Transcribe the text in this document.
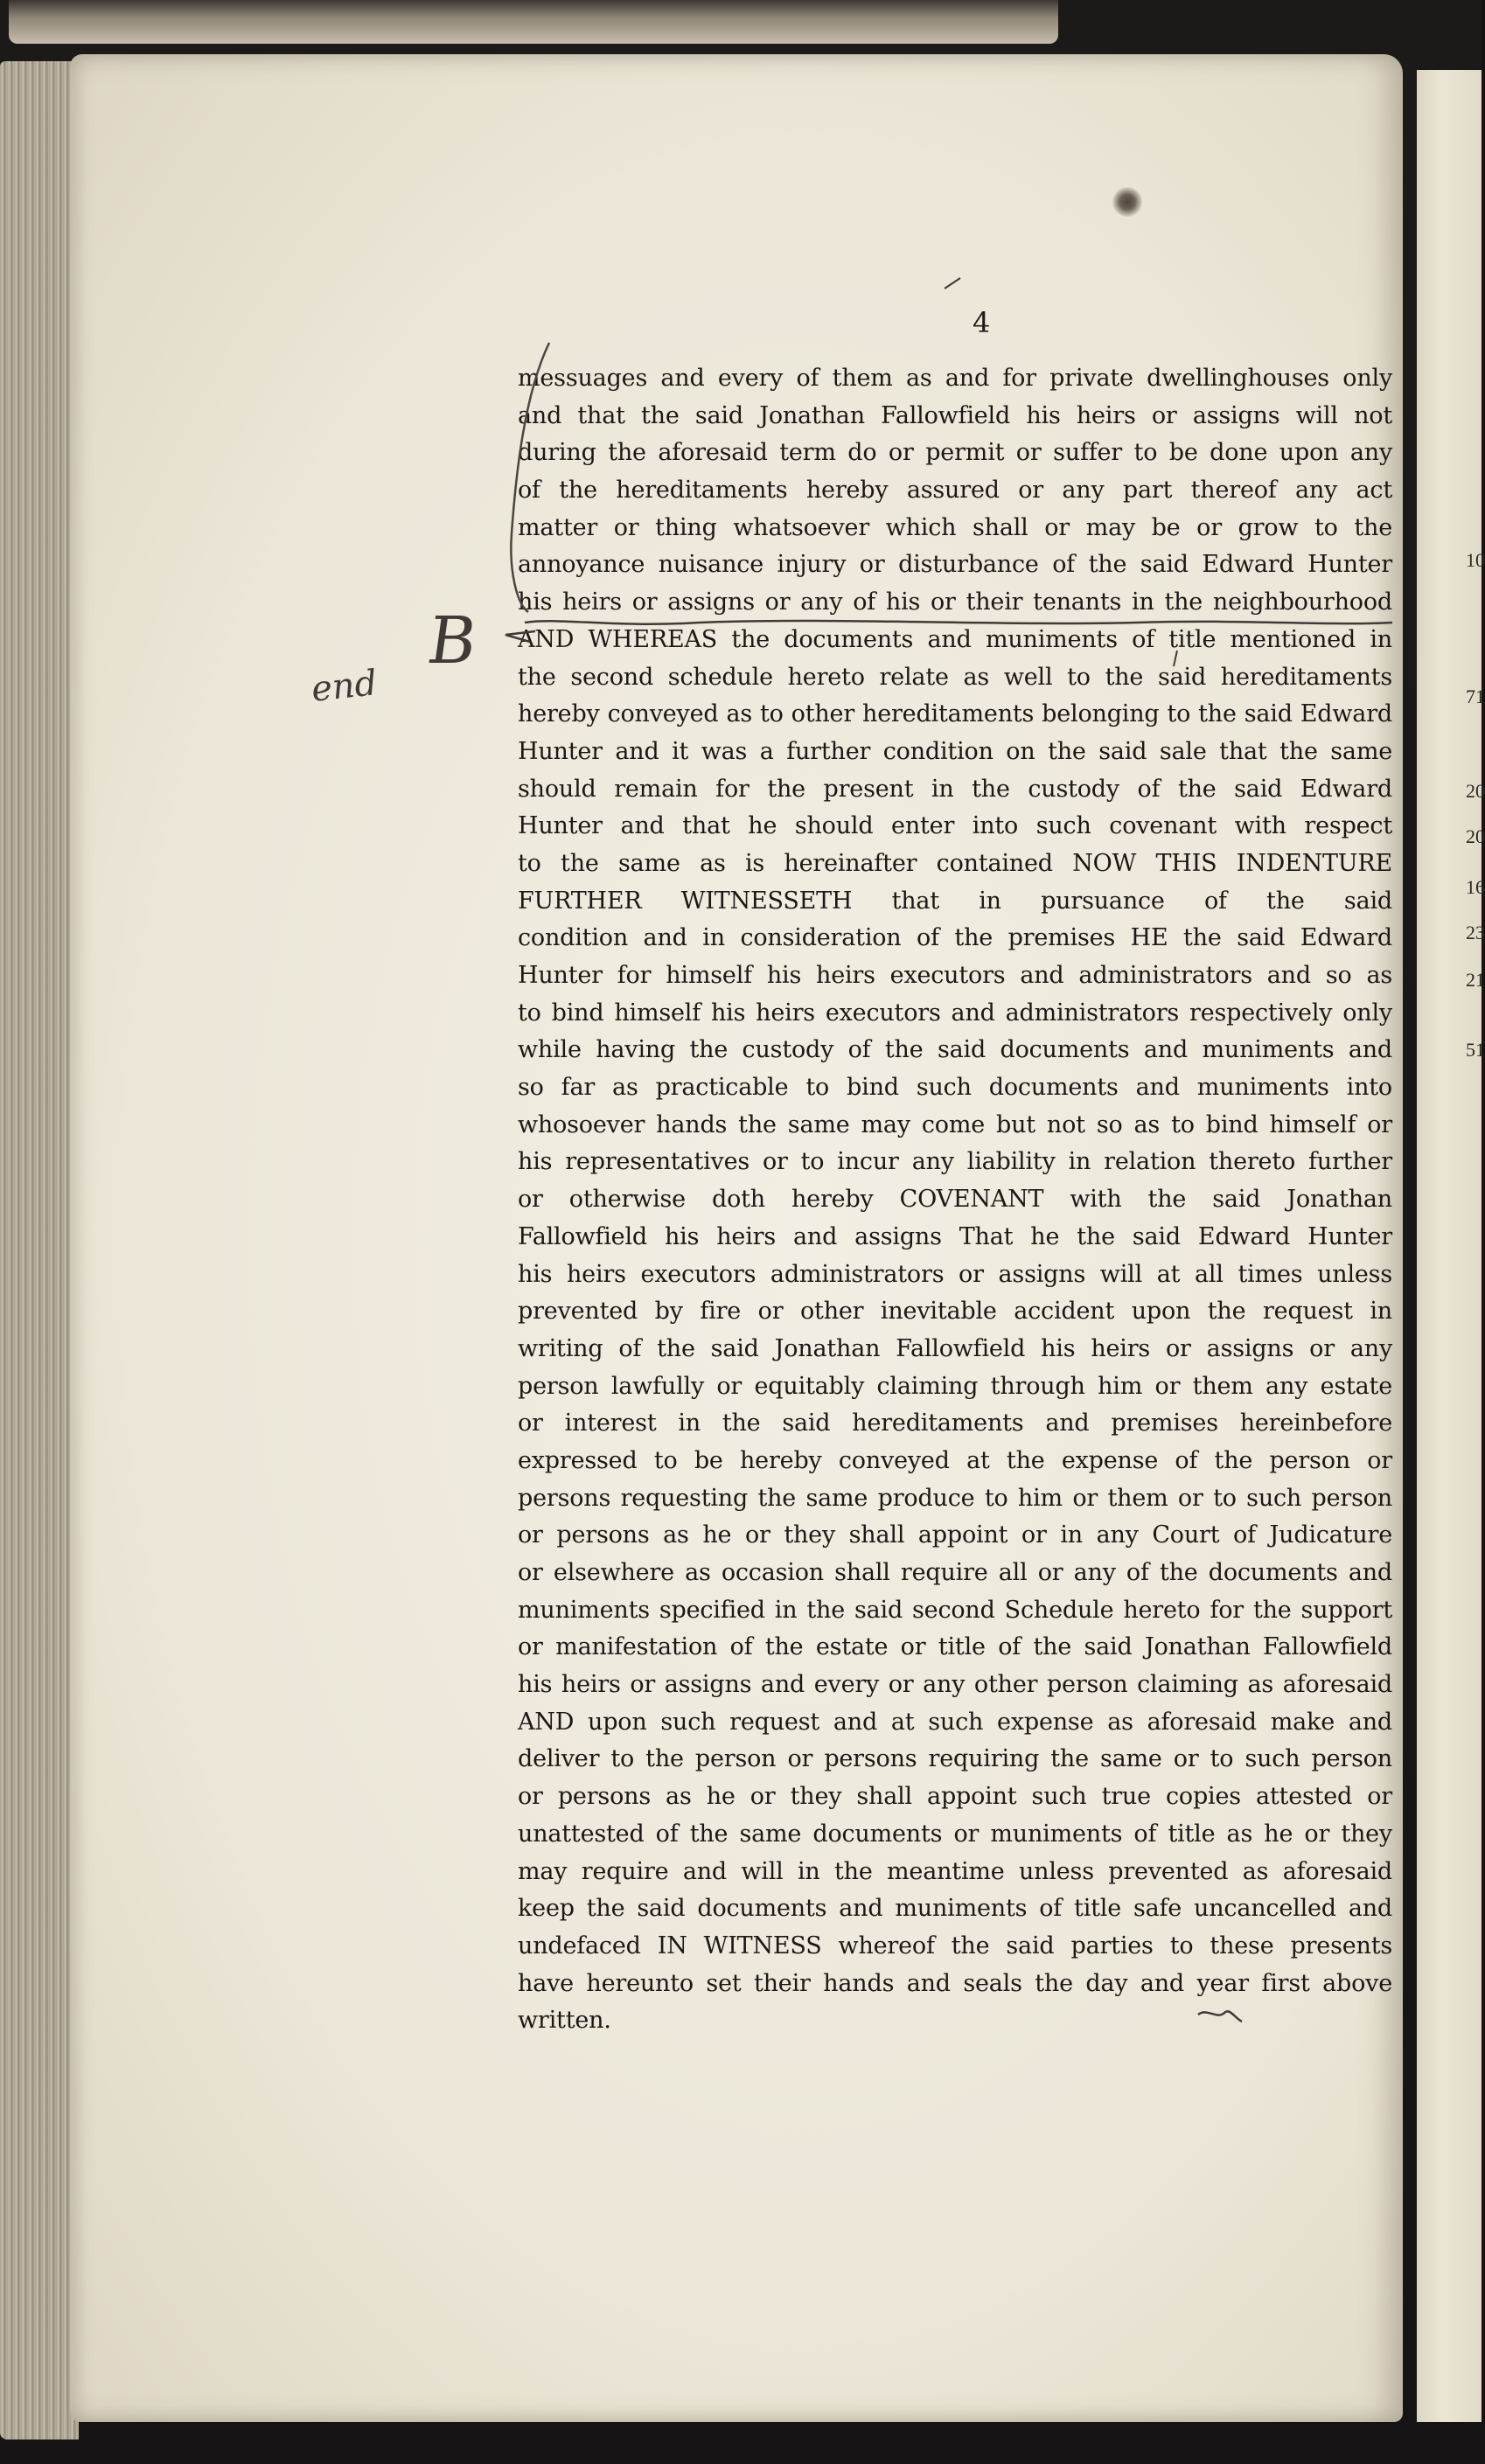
10
71
20
20
16
23
21
51
4
messuages and every of them as and for private dwellinghouses only
and that the said Jonathan Fallowfield his heirs or assigns will not
during the aforesaid term do or permit or suffer to be done upon any
of the hereditaments hereby assured or any part thereof any act
matter or thing whatsoever which shall or may be or grow to the
annoyance nuisance injury or disturbance of the said Edward Hunter
his heirs or assigns or any of his or their tenants in the neighbourhood
AND WHEREAS the documents and muniments of title mentioned in
the second schedule hereto relate as well to the said hereditaments
hereby conveyed as to other hereditaments belonging to the said Edward
Hunter and it was a further condition on the said sale that the same
should remain for the present in the custody of the said Edward
Hunter and that he should enter into such covenant with respect
to the same as is hereinafter contained NOW THIS INDENTURE
FURTHER WITNESSETH that in pursuance of the said
condition and in consideration of the premises HE the said Edward
Hunter for himself his heirs executors and administrators and so as
to bind himself his heirs executors and administrators respectively only
while having the custody of the said documents and muniments and
so far as practicable to bind such documents and muniments into
whosoever hands the same may come but not so as to bind himself or
his representatives or to incur any liability in relation thereto further
or otherwise doth hereby COVENANT with the said Jonathan
Fallowfield his heirs and assigns That he the said Edward Hunter
his heirs executors administrators or assigns will at all times unless
prevented by fire or other inevitable accident upon the request in
writing of the said Jonathan Fallowfield his heirs or assigns or any
person lawfully or equitably claiming through him or them any estate
or interest in the said hereditaments and premises hereinbefore
expressed to be hereby conveyed at the expense of the person or
persons requesting the same produce to him or them or to such person
or persons as he or they shall appoint or in any Court of Judicature
or elsewhere as occasion shall require all or any of the documents and
muniments specified in the said second Schedule hereto for the support
or manifestation of the estate or title of the said Jonathan Fallowfield
his heirs or assigns and every or any other person claiming as aforesaid
AND upon such request and at such expense as aforesaid make and
deliver to the person or persons requiring the same or to such person
or persons as he or they shall appoint such true copies attested or
unattested of the same documents or muniments of title as he or they
may require and will in the meantime unless prevented as aforesaid
keep the said documents and muniments of title safe uncancelled and
undefaced IN WITNESS whereof the said parties to these presents
have hereunto set their hands and seals the day and year first above
written.
B
end
